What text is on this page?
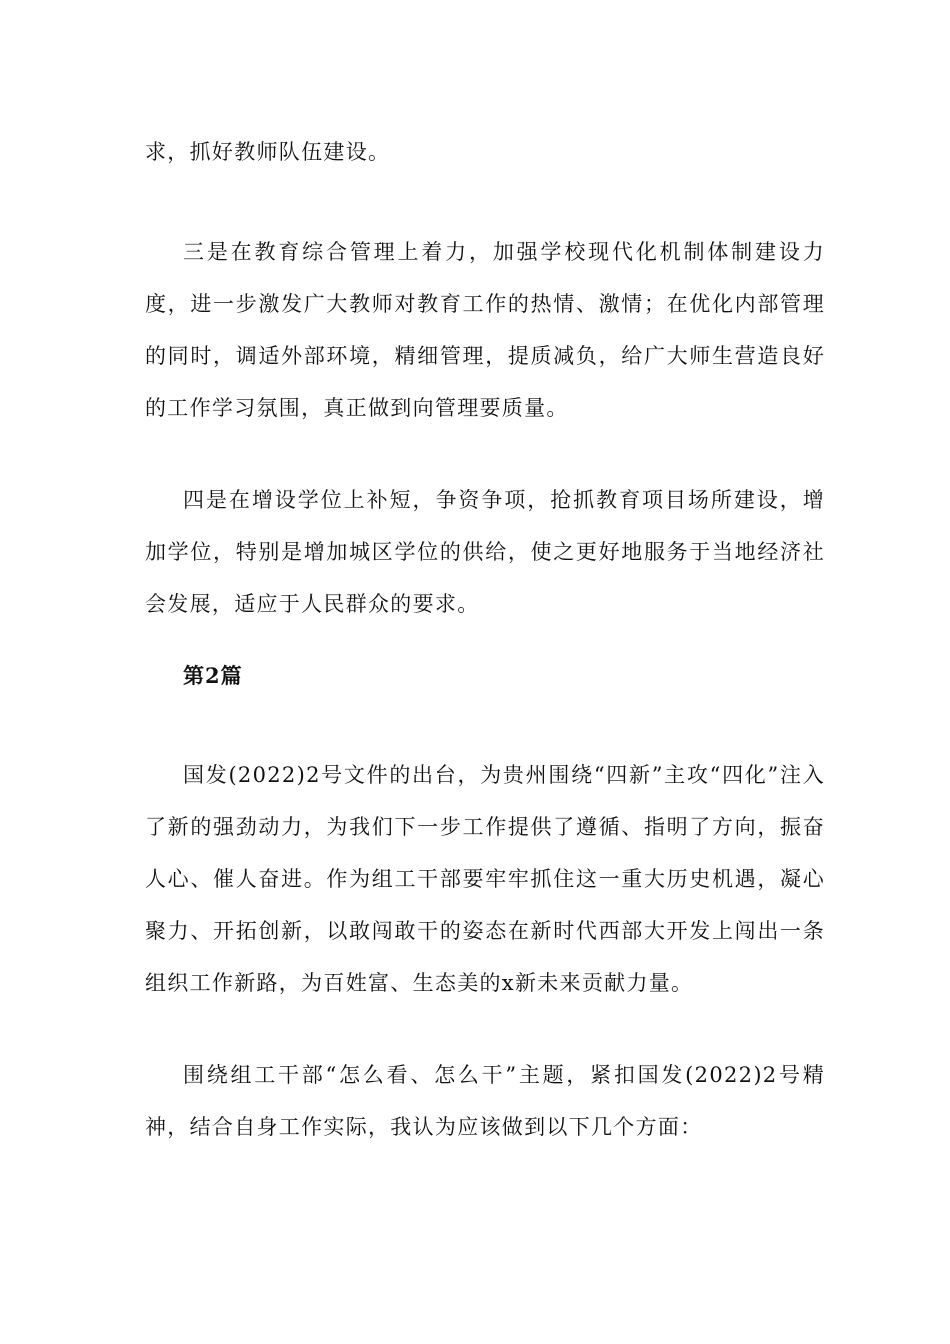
求，抓好教师队伍建设。

三是在教育综合管理上着力，加强学校现代化机制体制建设力度，进一步激发广大教师对教育工作的热情、激情；在优化内部管理的同时，调适外部环境，精细管理，提质减负，给广大师生营造良好的工作学习氛围，真正做到向管理要质量。

四是在增设学位上补短，争资争项，抢抓教育项目场所建设，增加学位，特别是增加城区学位的供给，使之更好地服务于当地经济社会发展，适应于人民群众的要求。

第2篇

国发(2022)2号文件的出台，为贵州围绕“四新”主攻“四化”注入了新的强劲动力，为我们下一步工作提供了遵循、指明了方向，振奋人心、催人奋进。作为组工干部要牢牢抓住这一重大历史机遇，凝心聚力、开拓创新，以敢闯敢干的姿态在新时代西部大开发上闯出一条组织工作新路，为百姓富、生态美的x新未来贡献力量。

围绕组工干部“怎么看、怎么干”主题，紧扣国发(2022)2号精神，结合自身工作实际，我认为应该做到以下几个方面：
